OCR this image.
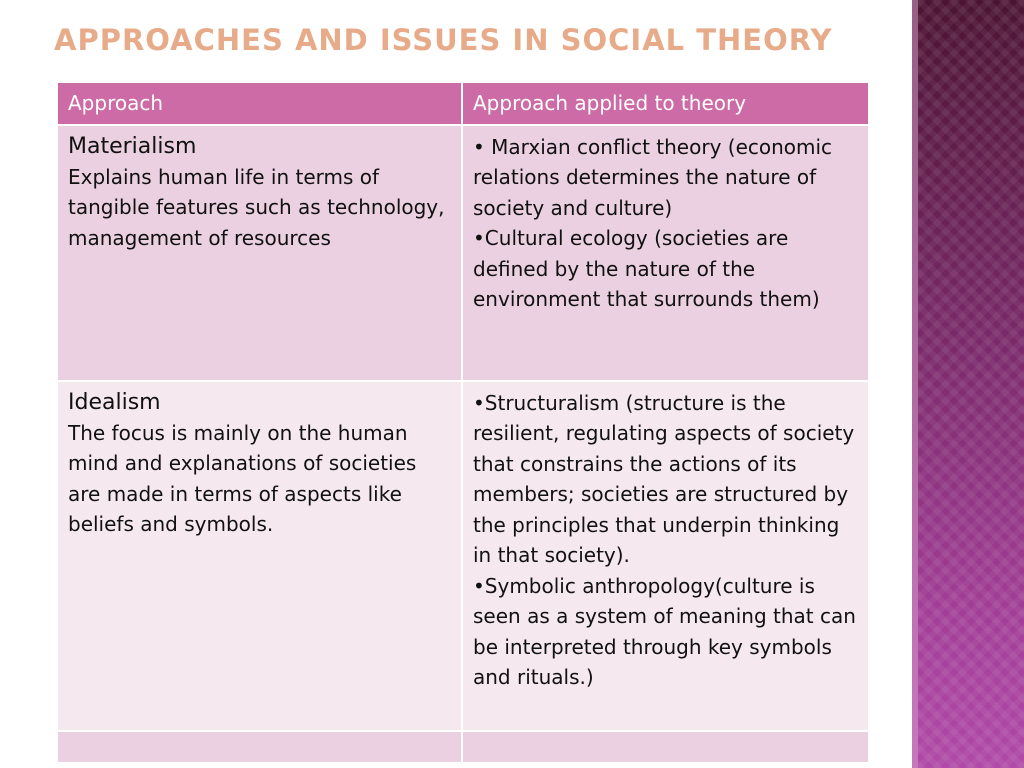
APPROACHES AND ISSUES IN SOCIAL THEORY
Approach	Approach applied to theory

Materialism
Explains human life in terms of tangible features such as technology, management of resources	• Marxian conflict theory (economic relations determines the nature of society and culture)
•Cultural ecology (societies are defined by the nature of the environment that surrounds them)

Idealism
The focus is mainly on the human mind and explanations of societies are made in terms of aspects like beliefs and symbols.	•Structuralism (structure is the resilient, regulating aspects of society that constrains the actions of its members; societies are structured by the principles that underpin thinking in that society).
•Symbolic anthropology(culture is seen as a system of meaning that can be interpreted through key symbols and rituals.)
